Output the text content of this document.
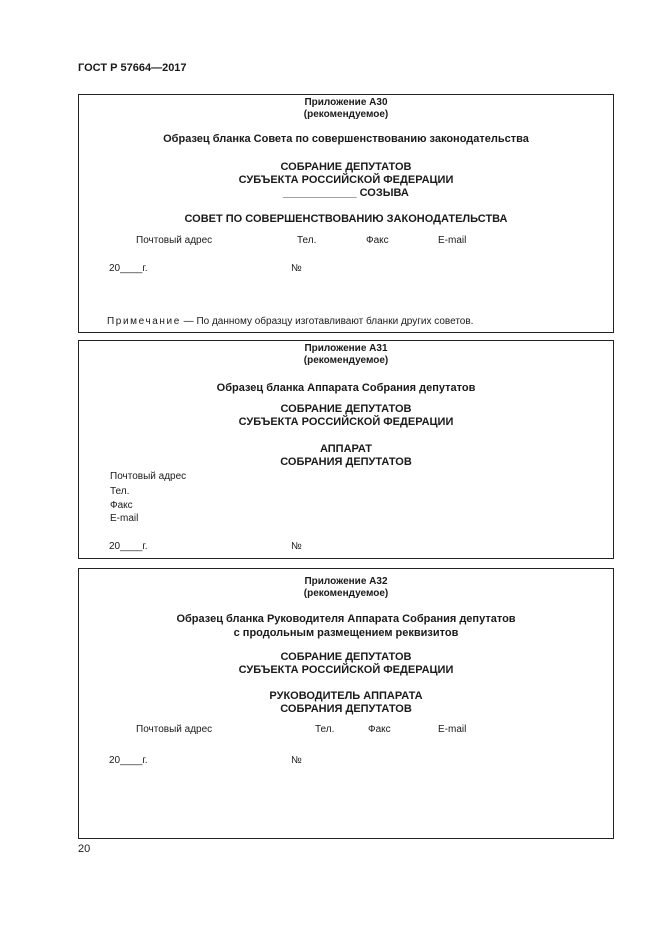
ГОСТ Р 57664—2017
Приложение А30
(рекомендуемое)
Образец бланка Совета по совершенствованию законодательства
СОБРАНИЕ ДЕПУТАТОВ
СУБЪЕКТА РОССИЙСКОЙ ФЕДЕРАЦИИ
____________ СОЗЫВА
СОВЕТ ПО СОВЕРШЕНСТВОВАНИЮ ЗАКОНОДАТЕЛЬСТВА
Почтовый адрес	Тел.	Факс	E-mail
20____г.	№
Примечание — По данному образцу изготавливают бланки других советов.
Приложение А31
(рекомендуемое)
Образец бланка Аппарата Собрания депутатов
СОБРАНИЕ ДЕПУТАТОВ
СУБЪЕКТА РОССИЙСКОЙ ФЕДЕРАЦИИ
АППАРАТ
СОБРАНИЯ ДЕПУТАТОВ
Почтовый адрес
Тел.
Факс
E-mail
20____г.	№
Приложение А32
(рекомендуемое)
Образец бланка Руководителя Аппарата Собрания депутатов
с продольным размещением реквизитов
СОБРАНИЕ ДЕПУТАТОВ
СУБЪЕКТА РОССИЙСКОЙ ФЕДЕРАЦИИ
РУКОВОДИТЕЛЬ АППАРАТА
СОБРАНИЯ ДЕПУТАТОВ
Почтовый адрес	Тел.	Факс	E-mail
20____г.	№
20
